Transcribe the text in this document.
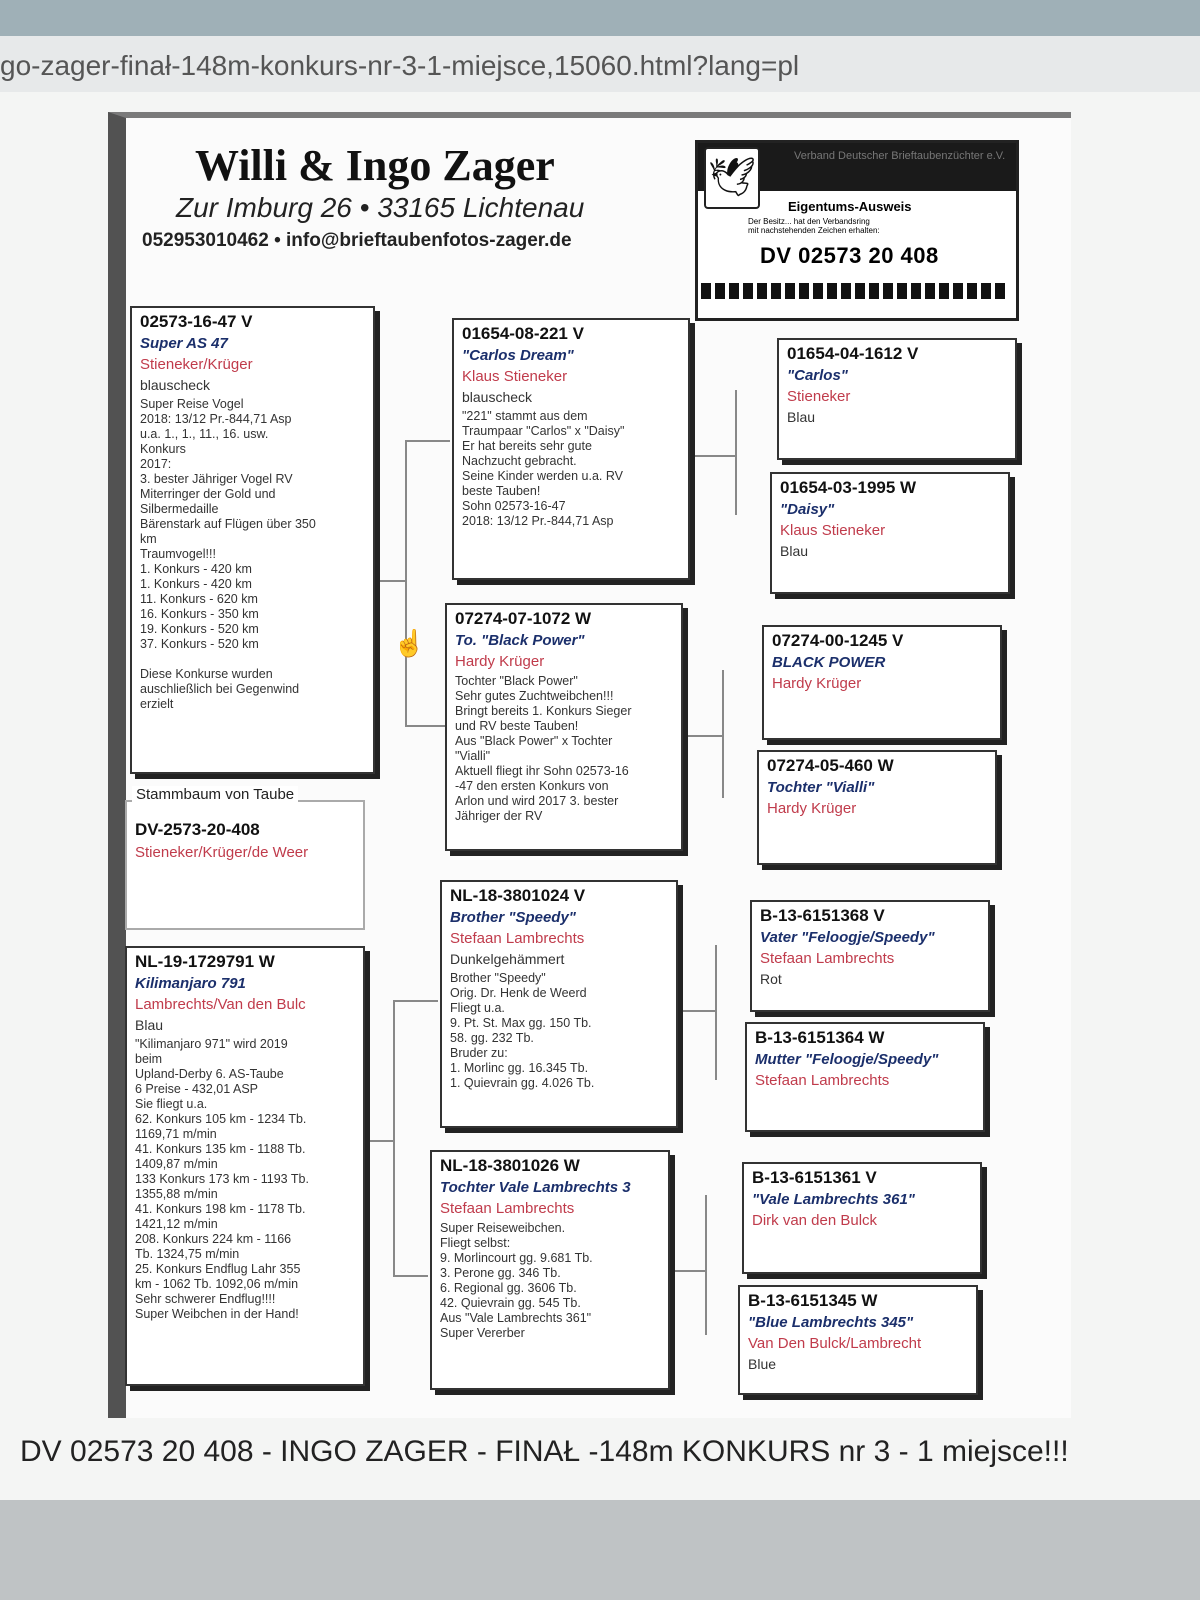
go-zager-finał-148m-konkurs-nr-3-1-miejsce,15060.html?lang=pl
Willi & Ingo Zager
Zur Imburg 26 • 33165 Lichtenau
052953010462 • info@brieftaubenfotos-zager.de
🕊
Verband Deutscher Brieftaubenzüchter e.V.
Eigentums-Ausweis
Der Besitz... hat den Verbandsring
mit nachstehenden Zeichen erhalten:
DV 02573 20 408
02573-16-47 V
Super AS 47
Stieneker/Krüger
blauscheck
Super Reise Vogel
2018: 13/12 Pr.-844,71 Asp
u.a. 1., 1., 11., 16. usw.
Konkurs
2017:
3. bester Jähriger Vogel RV
Miterringer der Gold und
Silbermedaille
Bärenstark auf Flügen über 350
km
Traumvogel!!!
1. Konkurs - 420 km
1. Konkurs - 420 km
11. Konkurs - 620 km
16. Konkurs - 350 km
19. Konkurs - 520 km
37. Konkurs - 520 km

Diese Konkurse wurden
auschließlich bei Gegenwind
erzielt
DV-2573-20-408
Stieneker/Krüger/de Weer
Stammbaum von Taube
NL-19-1729791 W
Kilimanjaro 791
Lambrechts/Van den Bulc
Blau
"Kilimanjaro 971" wird 2019
beim
Upland-Derby 6. AS-Taube
6 Preise - 432,01 ASP
Sie fliegt u.a.
62. Konkurs 105 km - 1234 Tb.
1169,71 m/min
41. Konkurs 135 km - 1188 Tb.
1409,87 m/min
133 Konkurs 173 km - 1193 Tb.
1355,88 m/min
41. Konkurs 198 km - 1178 Tb.
1421,12 m/min
208. Konkurs 224 km - 1166
Tb. 1324,75 m/min
25. Konkurs Endflug Lahr 355
km - 1062 Tb. 1092,06 m/min
Sehr schwerer Endflug!!!!
Super Weibchen in der Hand!
01654-08-221 V
"Carlos Dream"
Klaus Stieneker
blauscheck
"221" stammt aus dem
Traumpaar "Carlos" x "Daisy"
Er hat bereits sehr gute
Nachzucht gebracht.
Seine Kinder werden u.a. RV
beste Tauben!
Sohn 02573-16-47
2018: 13/12 Pr.-844,71 Asp
07274-07-1072 W
To. "Black Power"
Hardy Krüger
Tochter "Black Power"
Sehr gutes Zuchtweibchen!!!
Bringt bereits 1. Konkurs Sieger
und RV beste Tauben!
Aus "Black Power" x Tochter
"Vialli"
Aktuell fliegt ihr Sohn 02573-16
-47 den ersten Konkurs von
Arlon und wird 2017 3. bester
Jähriger der RV
NL-18-3801024 V
Brother "Speedy"
Stefaan Lambrechts
Dunkelgehämmert
Brother "Speedy"
Orig. Dr. Henk de Weerd
Fliegt u.a.
9. Pt. St. Max gg. 150 Tb.
58. gg. 232 Tb.
Bruder zu:
1. Morlinc gg. 16.345 Tb.
1. Quievrain gg. 4.026 Tb.
NL-18-3801026 W
Tochter Vale Lambrechts 3
Stefaan Lambrechts
Super Reiseweibchen.
Fliegt selbst:
9. Morlincourt gg. 9.681 Tb.
3. Perone gg. 346 Tb.
6. Regional gg. 3606 Tb.
42. Quievrain gg. 545 Tb.
Aus "Vale Lambrechts 361"
Super Vererber
01654-04-1612 V
"Carlos"
Stieneker
Blau
01654-03-1995 W
"Daisy"
Klaus Stieneker
Blau
07274-00-1245 V
BLACK POWER
Hardy Krüger
07274-05-460 W
Tochter "Vialli"
Hardy Krüger
B-13-6151368 V
Vater "Feloogje/Speedy"
Stefaan Lambrechts
Rot
B-13-6151364 W
Mutter "Feloogje/Speedy"
Stefaan Lambrechts
B-13-6151361 V
"Vale Lambrechts 361"
Dirk van den Bulck
B-13-6151345 W
"Blue Lambrechts 345"
Van Den Bulck/Lambrecht
Blue
☝
DV 02573 20 408 - INGO ZAGER - FINAŁ -148m KONKURS nr 3 - 1 miejsce!!!
